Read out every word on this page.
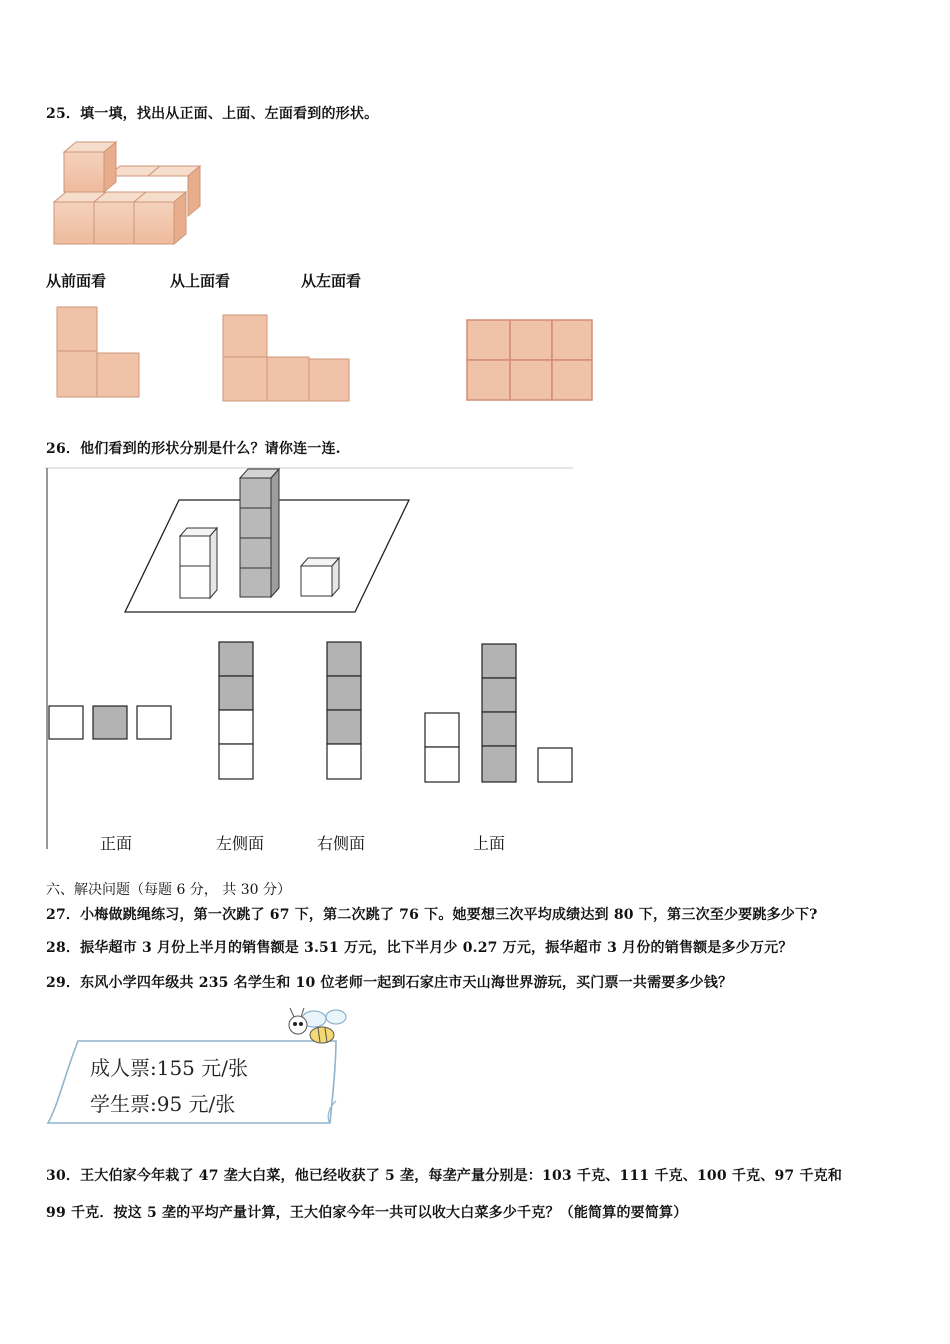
25．填一填，找出从正面、上面、左面看到的形状。
从前面看	从上面看	从左面看
26．他们看到的形状分别是什么？请你连一连.
正面	左侧面	右侧面	上面
六、解决问题（每题 6 分， 共 30 分）
27．小梅做跳绳练习，第一次跳了 67 下，第二次跳了 76 下。她要想三次平均成绩达到 80 下，第三次至少要跳多少下?
28．振华超市 3 月份上半月的销售额是 3.51 万元，比下半月少 0.27 万元，振华超市 3 月份的销售额是多少万元？
29．东风小学四年级共 235 名学生和 10 位老师一起到石家庄市天山海世界游玩，买门票一共需要多少钱？
成人票:155 元/张
学生票:95 元/张
30．王大伯家今年栽了 47 垄大白菜，他已经收获了 5 垄，每垄产量分别是：103 千克、111 千克、100 千克、97 千克和
99 千克．按这 5 垄的平均产量计算，王大伯家今年一共可以收大白菜多少千克？（能简算的要简算）
